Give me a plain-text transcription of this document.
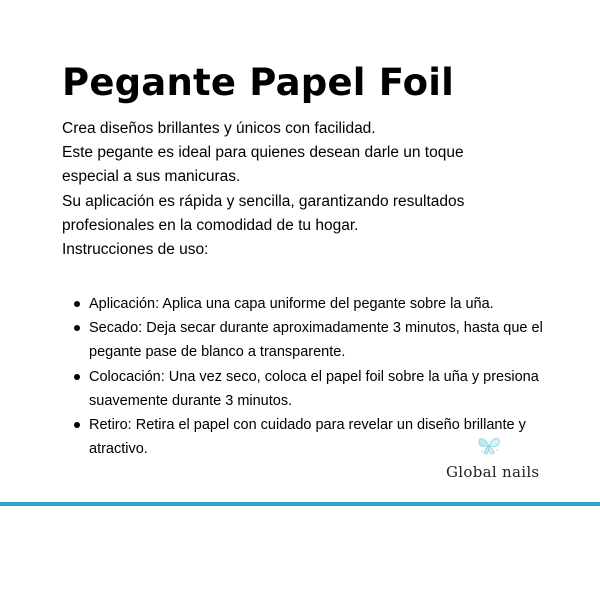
Pegante Papel Foil

Crea diseños brillantes y únicos con facilidad.

Este pegante es ideal para quienes desean darle un toque

especial a sus manicuras.

Su aplicación es rápida y sencilla, garantizando resultados

profesionales en la comodidad de tu hogar.

Instrucciones de uso:

Aplicación: Aplica una capa uniforme del pegante sobre la uña.
Secado: Deja secar durante aproximadamente 3 minutos, hasta que el pegante pase de blanco a transparente.
Colocación: Una vez seco, coloca el papel foil sobre la uña y presiona suavemente durante 3 minutos.
Retiro: Retira el papel con cuidado para revelar un diseño brillante y atractivo.
Global nails
